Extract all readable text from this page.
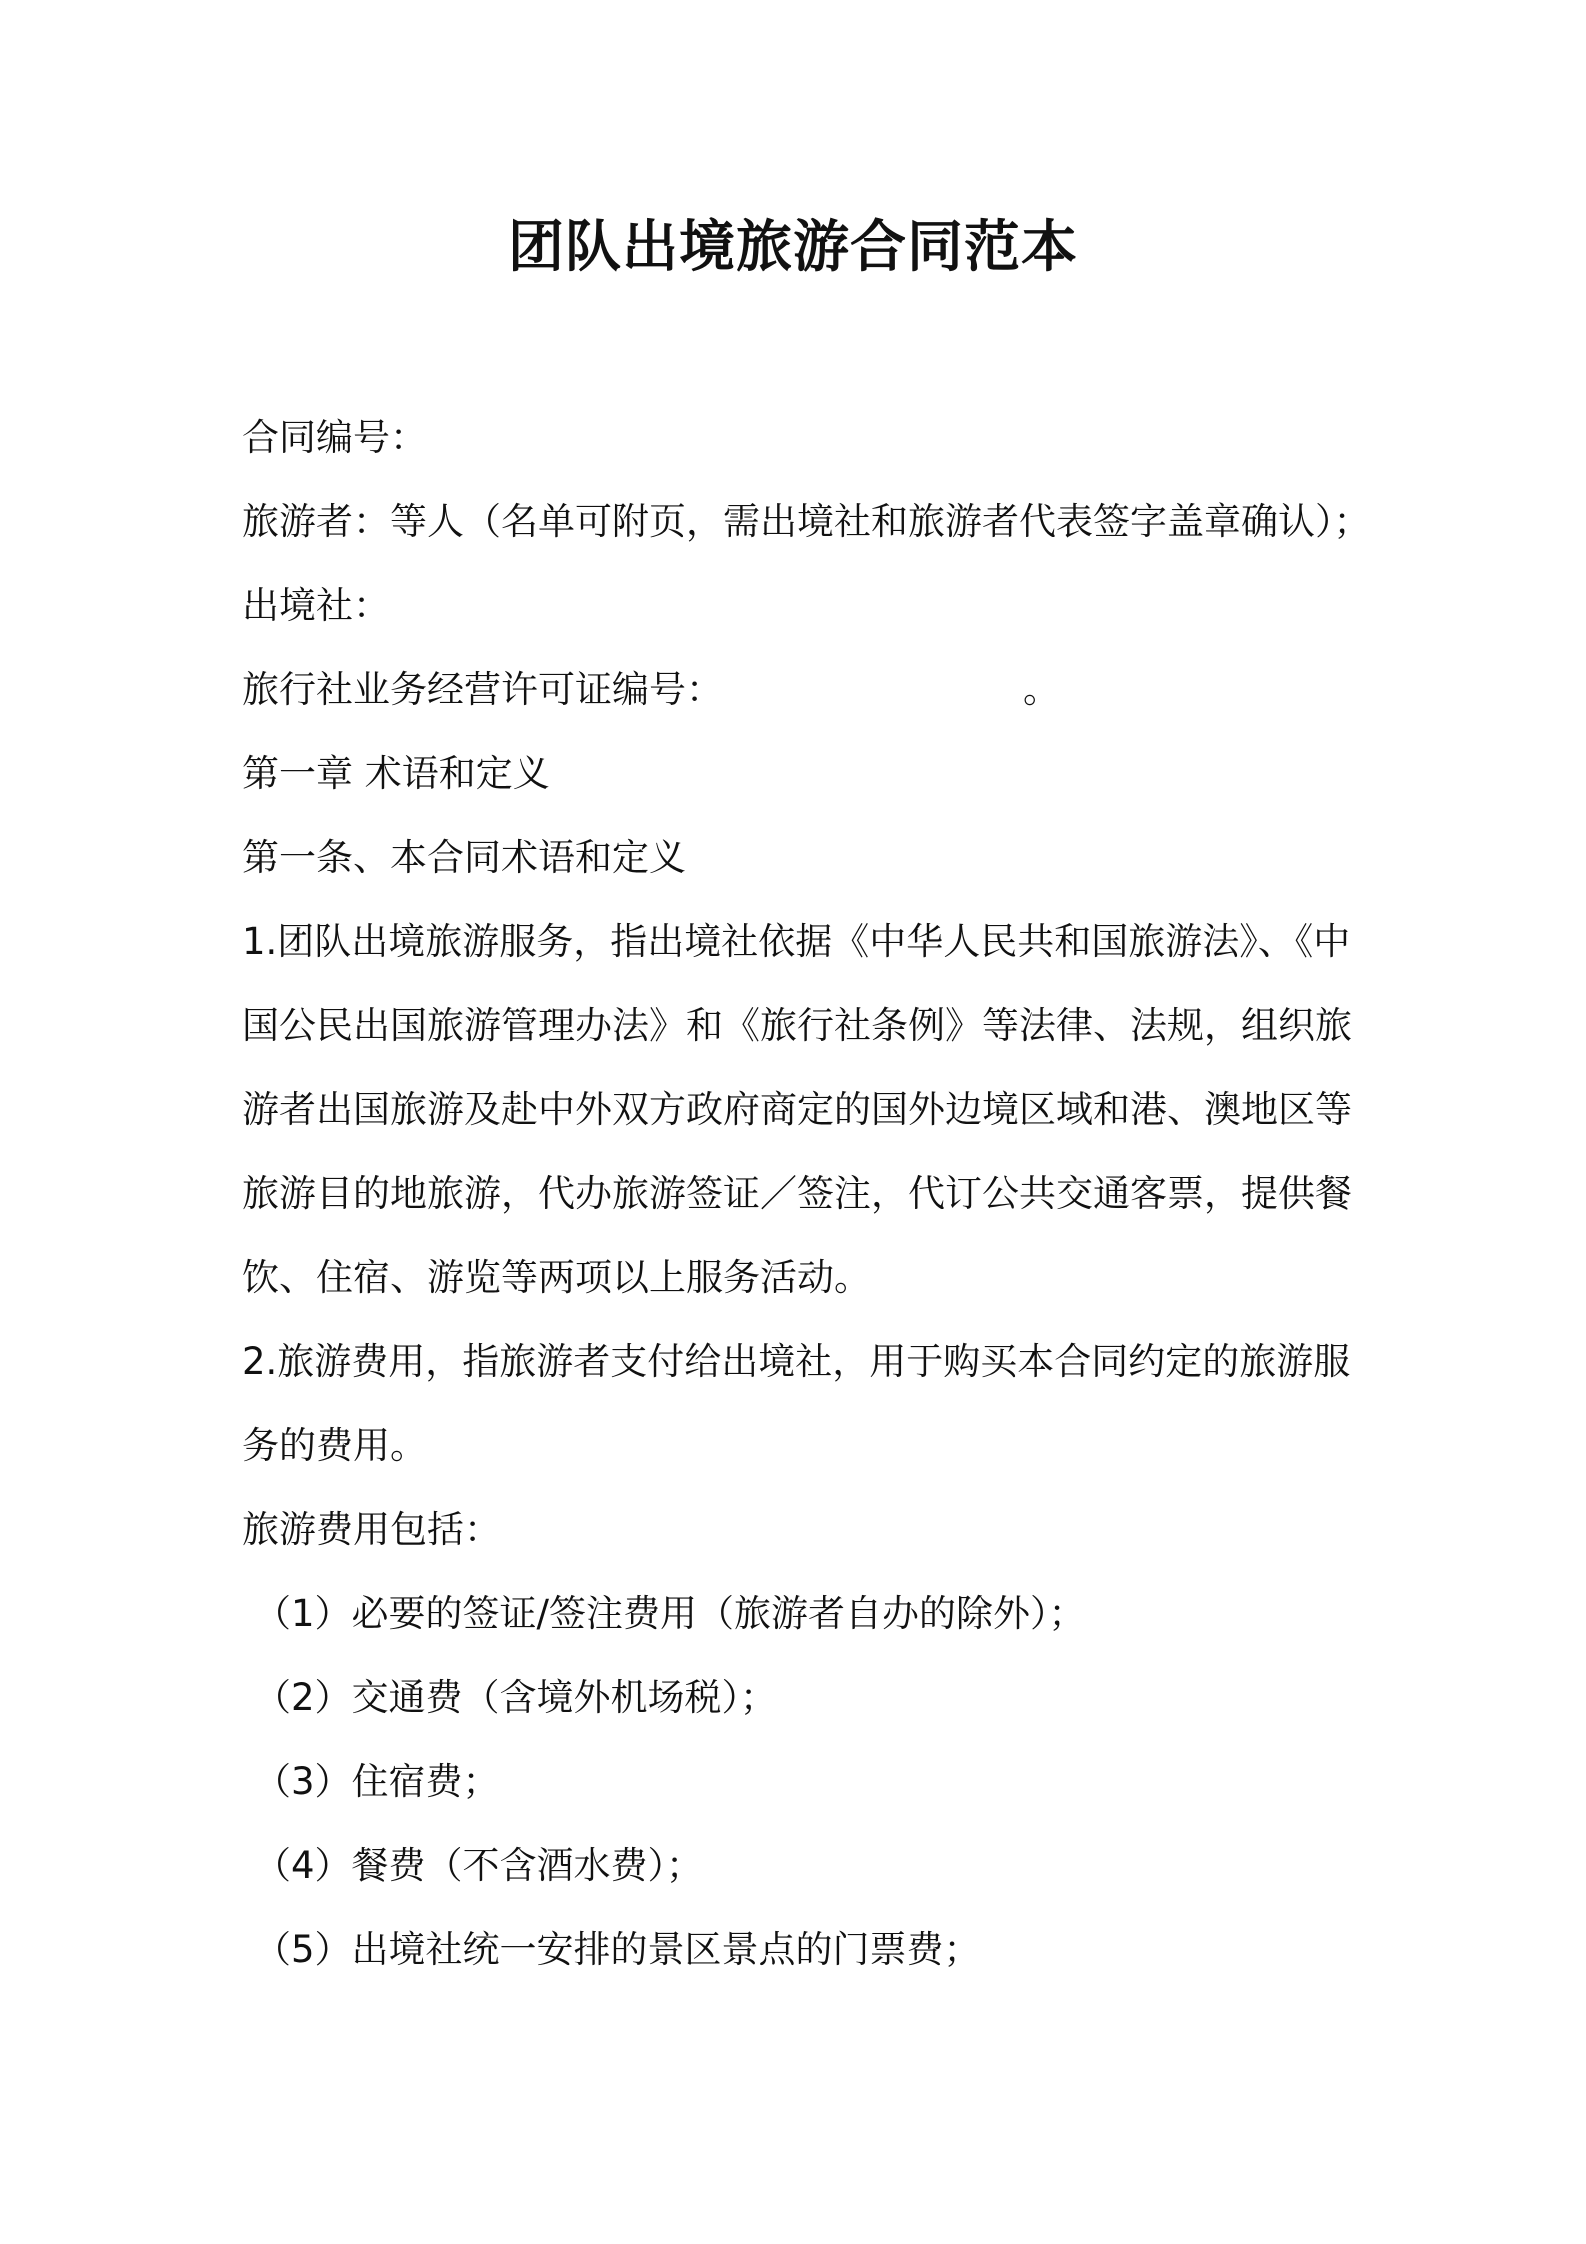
团队出境旅游合同范本
合同编号：
旅游者：等人（名单可附页，需出境社和旅游者代表签字盖章确认）；
出境社：
旅行社业务经营许可证编号：	。
第一章 术语和定义
第一条、本合同术语和定义
1.团队出境旅游服务，指出境社依据《中华人民共和国旅游法》、《中
国公民出国旅游管理办法》和《旅行社条例》等法律、法规，组织旅
游者出国旅游及赴中外双方政府商定的国外边境区域和港、澳地区等
旅游目的地旅游，代办旅游签证／签注，代订公共交通客票，提供餐
饮、住宿、游览等两项以上服务活动。
2.旅游费用，指旅游者支付给出境社，用于购买本合同约定的旅游服
务的费用。
旅游费用包括：
（1）必要的签证/签注费用（旅游者自办的除外）；
（2）交通费（含境外机场税）；
（3）住宿费；
（4）餐费（不含酒水费）；
（5）出境社统一安排的景区景点的门票费；
